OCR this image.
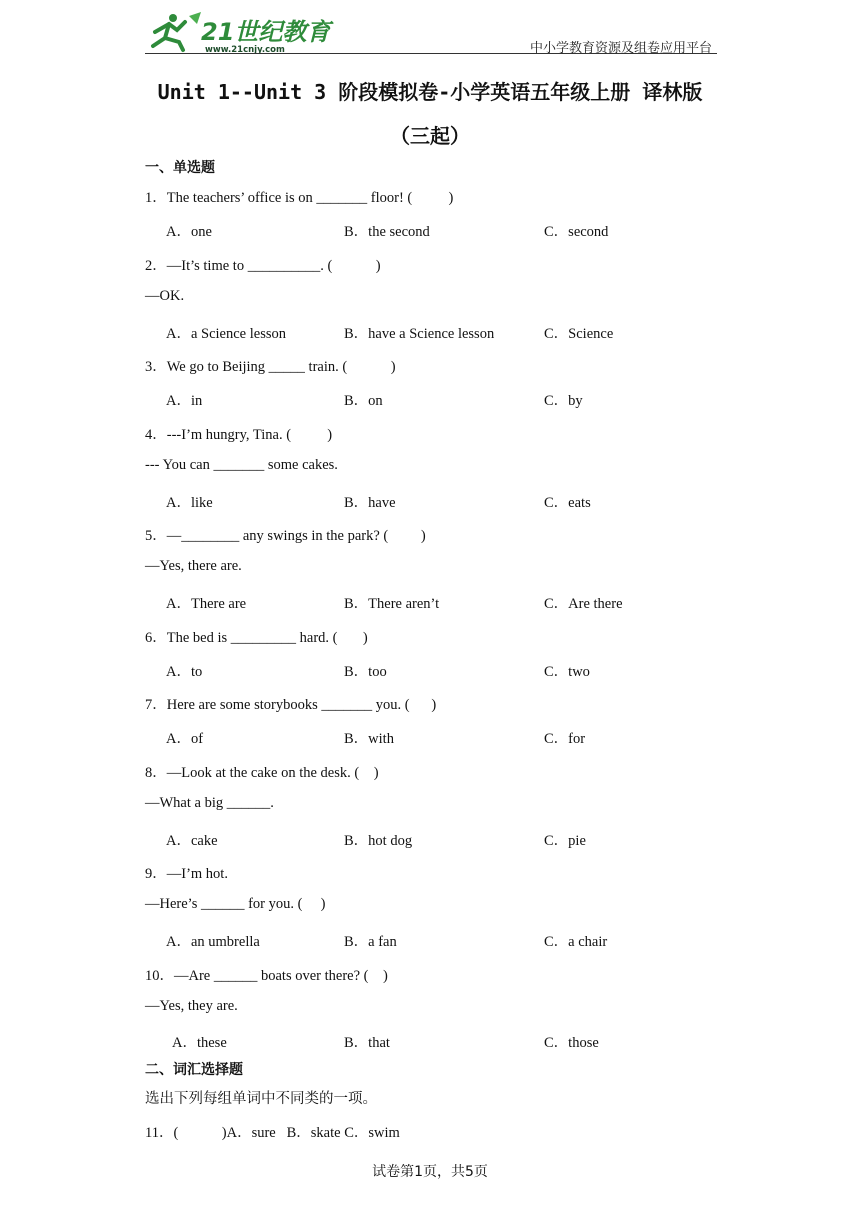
21世纪教育
www.21cnjy.com	中小学教育资源及组卷应用平台
Unit 1--Unit 3 阶段模拟卷-小学英语五年级上册 译林版
（三起）
一、单选题
1．The teachers’ office is on _______ floor! (          )
A．one	B．the second	C．second
2．—It’s time to __________. (            )
—OK.
A．a Science lesson	B．have a Science lesson	C．Science
3．We go to Beijing _____ train. (            )
A．in	B．on	C．by
4．---I’m hungry, Tina. (          )
--- You can _______ some cakes.
A．like	B．have	C．eats
5．—________ any swings in the park? (         )
—Yes, there are.
A．There are	B．There aren’t	C．Are there
6．The bed is _________ hard. (       )
A．to	B．too	C．two
7．Here are some storybooks _______ you. (      )
A．of	B．with	C．for
8．—Look at the cake on the desk. (    )
—What a big ______.
A．cake	B．hot dog	C．pie
9．—I’m hot.
—Here’s ______ for you. (     )
A．an umbrella	B．a fan	C．a chair
10．—Are ______ boats over there? (    )
—Yes, they are.
A．these	B．that	C．those
二、词汇选择题
选出下列每组单词中不同类的一项。
11．(            )A．sure   B．skate C．swim
试卷第1页，共5页
